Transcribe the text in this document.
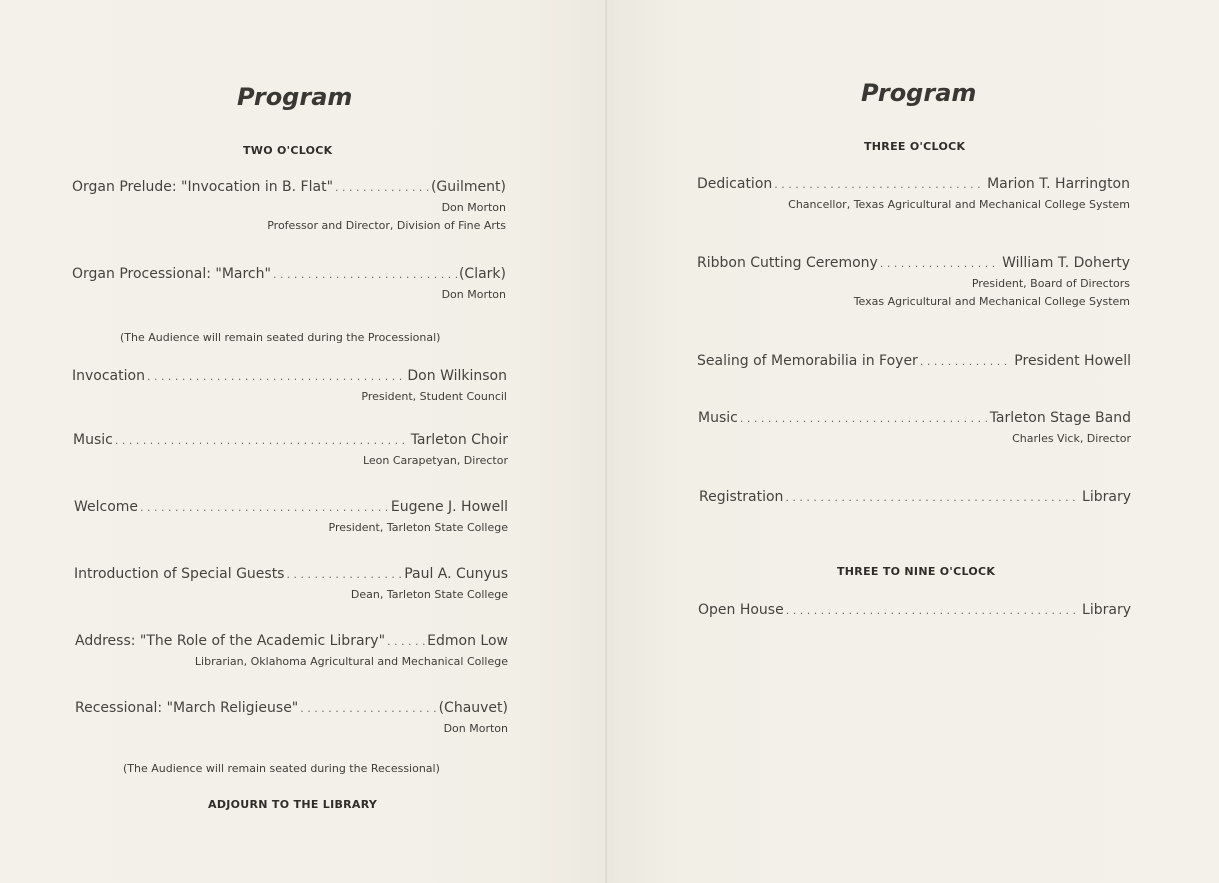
Program
TWO O'CLOCK
Organ Prelude: "Invocation in B. Flat" . . .	(Guilment)
Don Morton
Professor and Director, Division of Fine Arts
Organ Processional: "March" . . .	(Clark)
Don Morton

(The Audience will remain seated during the Processional)

Invocation . . .	Don Wilkinson
President, Student Council
Music . . .	Tarleton Choir
Leon Carapetyan, Director
Welcome . . .	Eugene J. Howell
President, Tarleton State College
Introduction of Special Guests . . .	Paul A. Cunyus
Dean, Tarleton State College
Address: "The Role of the Academic Library" . . .	Edmon Low
Librarian, Oklahoma Agricultural and Mechanical College
Recessional: "March Religieuse" . . .	(Chauvet)
Don Morton

(The Audience will remain seated during the Recessional)

ADJOURN TO THE LIBRARY
Program
THREE O'CLOCK
Dedication . . .	Marion T. Harrington
Chancellor, Texas Agricultural and Mechanical College System
Ribbon Cutting Ceremony . . .	William T. Doherty
President, Board of Directors
Texas Agricultural and Mechanical College System
Sealing of Memorabilia in Foyer . . .	President Howell
Music . . .	Tarleton Stage Band
Charles Vick, Director
Registration . . .	Library
THREE TO NINE O'CLOCK
Open House . . .	Library
